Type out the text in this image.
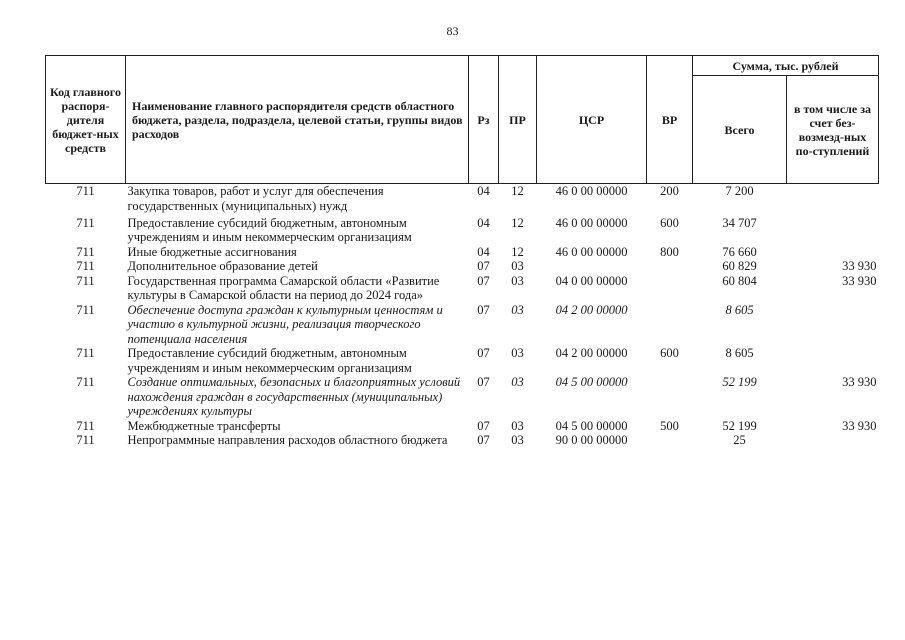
83
Код главного распоря-дителя бюджет-ных средств	Наименование главного распорядителя средств областного бюджета, раздела, подраздела, целевой статьи, группы видов расходов	Рз	ПР	ЦСР	ВР	Сумма, тыс. рублей	
						Всего	в том числе за счет без-возмезд-ных по-ступлений
711	Закупка товаров, работ и услуг для обеспечения государственных (муниципальных) нужд	04	12	46 0 00 00000	200	7 200	
711	Предоставление субсидий бюджетным, автономным учреждениям и иным некоммерческим организациям	04	12	46 0 00 00000	600	34 707	
711	Иные бюджетные ассигнования	04	12	46 0 00 00000	800	76 660	
711	Дополнительное образование детей	07	03			60 829	33 930
711	Государственная программа Самарской области «Развитие культуры в Самарской области на период до 2024 года»	07	03	04 0 00 00000		60 804	33 930
711	Обеспечение доступа граждан к культурным ценностям и участию в культурной жизни, реализация творческого потенциала населения	07	03	04 2 00 00000		8 605	
711	Предоставление субсидий бюджетным, автономным учреждениям и иным некоммерческим организациям	07	03	04 2 00 00000	600	8 605	
711	Создание оптимальных, безопасных и благоприятных условий нахождения граждан в государственных (муниципальных) учреждениях культуры	07	03	04 5 00 00000		52 199	33 930
711	Межбюджетные трансферты	07	03	04 5 00 00000	500	52 199	33 930
711	Непрограммные направления расходов областного бюджета	07	03	90 0 00 00000		25	
